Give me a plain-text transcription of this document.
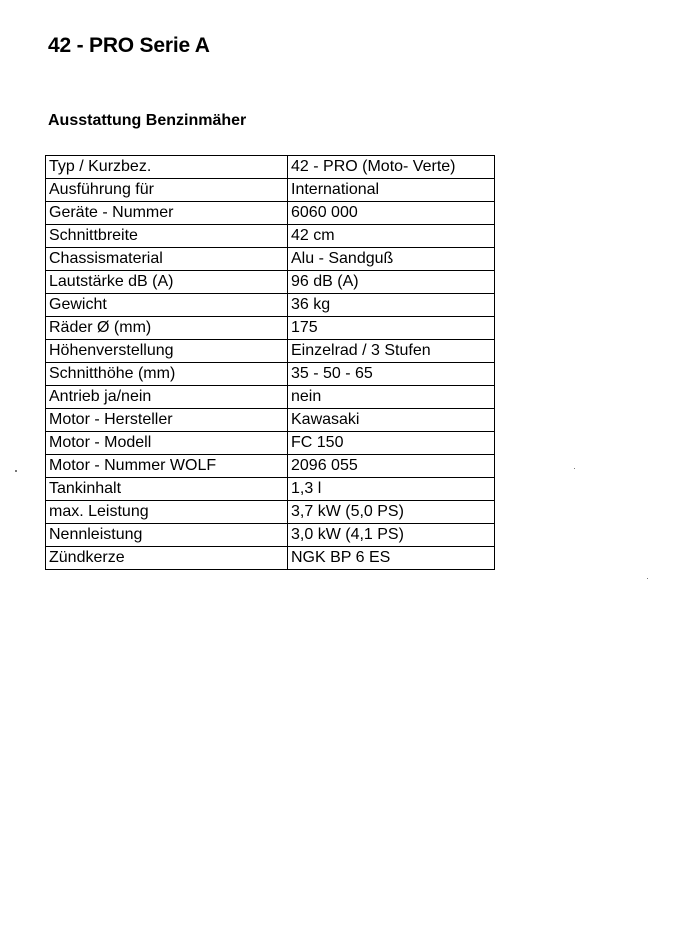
42 - PRO Serie A
Ausstattung Benzinmäher
Typ / Kurzbez.	42 - PRO (Moto- Verte)
Ausführung für	International
Geräte - Nummer	6060 000
Schnittbreite	42 cm
Chassismaterial	Alu - Sandguß
Lautstärke dB (A)	96 dB (A)
Gewicht	36 kg
Räder Ø (mm)	175
Höhenverstellung	Einzelrad / 3 Stufen
Schnitthöhe (mm)	35 - 50 - 65
Antrieb ja/nein	nein
Motor - Hersteller	Kawasaki
Motor - Modell	FC 150
Motor - Nummer WOLF	2096 055
Tankinhalt	1,3 l
max. Leistung	3,7 kW (5,0 PS)
Nennleistung	3,0 kW (4,1 PS)
Zündkerze	NGK BP 6 ES
